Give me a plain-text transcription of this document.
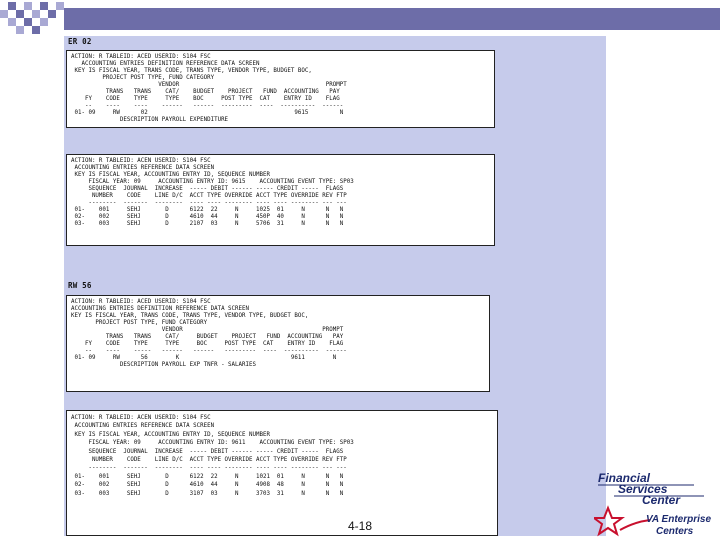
ER 02
ACTION: R TABLEID: ACED USERID: S104 FSC
ACCOUNTING ENTRIES DEFINITION REFERENCE DATA SCREEN
KEY IS FISCAL YEAR, TRANS CODE, TRANS TYPE, VENDOR TYPE, BUDGET BOC,
PROJECT POST TYPE, FUND CATEGORY
VENDOR                                          PROMPT
TRANS   TRANS    CAT/    BUDGET    PROJECT   FUND  ACCOUNTING   PAY
FY    CODE    TYPE     TYPE    BOC     POST TYPE  CAT    ENTRY ID    FLAG
--    ----    ----    ------   ------  ---------  ----  ----------  ------
01- 09     RW      02                                          9615         N
DESCRIPTION PAYROLL EXPENDITURE
ACTION: R TABLEID: ACEN USERID: S104 FSC
ACCOUNTING ENTRIES REFERENCE DATA SCREEN
KEY IS FISCAL YEAR, ACCOUNTING ENTRY ID, SEQUENCE NUMBER
FISCAL YEAR: 09     ACCOUNTING ENTRY ID: 9615    ACCOUNTING EVENT TYPE: SP03
SEQUENCE  JOURNAL  INCREASE  ----- DEBIT ------ ----- CREDIT -----  FLAGS
NUMBER    CODE    LINE D/C  ACCT TYPE OVERRIDE ACCT TYPE OVERRIDE REV FTP
--------  -------  --------  ---- ---- -------- ---- ---- -------- --- ---
01-    001     SEHJ       D      6122  22     N     1025  01     N      N   N
02-    002     SEHJ       D      4610  44     N     450P  40     N      N   N
03-    003     SEHJ       D      2107  03     N     5706  31     N      N   N
RW 56
ACTION: R TABLEID: ACED USERID: S104 FSC
ACCOUNTING ENTRIES DEFINITION REFERENCE DATA SCREEN
KEY IS FISCAL YEAR, TRANS CODE, TRANS TYPE, VENDOR TYPE, BUDGET BOC,
PROJECT POST TYPE, FUND CATEGORY
VENDOR                                        PROMPT
TRANS   TRANS    CAT/     BUDGET    PROJECT   FUND  ACCOUNTING   PAY
FY    CODE    TYPE     TYPE     BOC     POST TYPE  CAT    ENTRY ID    FLAG
--    ----    -----   ------   ------   ---------  ----  ----------  ------
01- 09     RW      56        K                                9611        N
DESCRIPTION PAYROLL EXP TNFR - SALARIES
ACTION: R TABLEID: ACEN USERID: S104 FSC
ACCOUNTING ENTRIES REFERENCE DATA SCREEN
KEY IS FISCAL YEAR, ACCOUNTING ENTRY ID, SEQUENCE NUMBER
FISCAL YEAR: 09     ACCOUNTING ENTRY ID: 9611    ACCOUNTING EVENT TYPE: SP03
SEQUENCE  JOURNAL  INCREASE  ----- DEBIT ------ ----- CREDIT -----  FLAGS
NUMBER    CODE    LINE D/C  ACCT TYPE OVERRIDE ACCT TYPE OVERRIDE REV FTP
--------  -------  --------  ---- ---- -------- ---- ---- -------- --- ---
01-    001     SEHJ       D      6122  22     N     1021  01     N      N   N
02-    002     SEHJ       D      4610  44     N     4908  48     N      N   N
03-    003     SEHJ       D      3107  03     N     3703  31     N      N   N
4-18
Financial
Services
Center
VA Enterprise
Centers
